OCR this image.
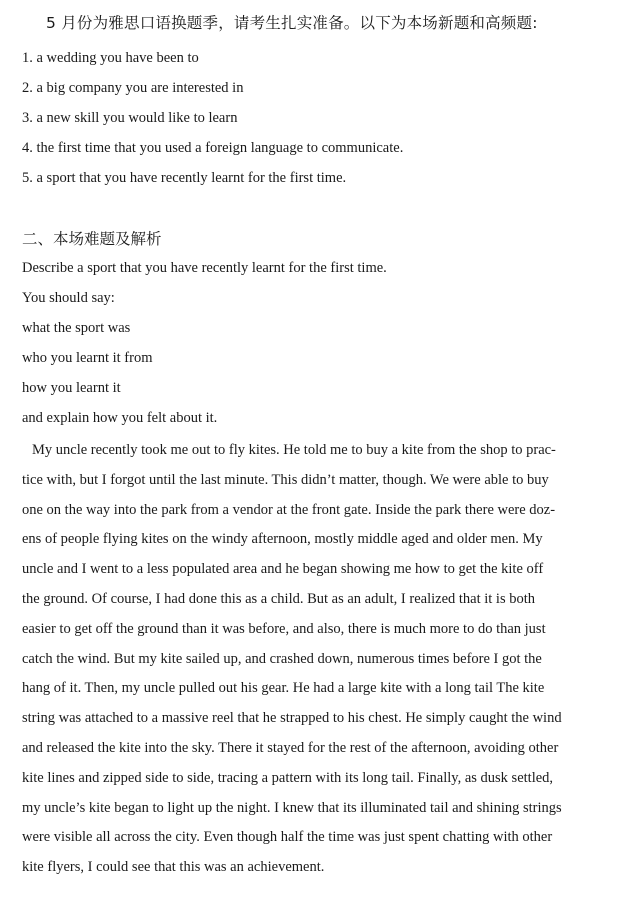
5 月份为雅思口语换题季，请考生扎实准备。以下为本场新题和高频题:
1. a wedding you have been to
2. a big company you are interested in
3. a new skill you would like to learn
4. the first time that you used a foreign language to communicate.
5. a sport that you have recently learnt for the first time.
二、本场难题及解析
Describe a sport that you have recently learnt for the first time.
You should say:
what the sport was
who you learnt it from
how you learnt it
and explain how you felt about it.
My uncle recently took me out to fly kites. He told me to buy a kite from the shop to prac-
tice with, but I forgot until the last minute. This didn’t matter, though. We were able to buy
one on the way into the park from a vendor at the front gate. Inside the park there were doz-
ens of people flying kites on the windy afternoon, mostly middle aged and older men. My
uncle and I went to a less populated area and he began showing me how to get the kite off
the ground. Of course, I had done this as a child. But as an adult, I realized that it is both
easier to get off the ground than it was before, and also, there is much more to do than just
catch the wind. But my kite sailed up, and crashed down, numerous times before I got the
hang of it. Then, my uncle pulled out his gear. He had a large kite with a long tail The kite
string was attached to a massive reel that he strapped to his chest. He simply caught the wind
and released the kite into the sky. There it stayed for the rest of the afternoon, avoiding other
kite lines and zipped side to side, tracing a pattern with its long tail. Finally, as dusk settled,
my uncle’s kite began to light up the night. I knew that its illuminated tail and shining strings
were visible all across the city. Even though half the time was just spent chatting with other
kite flyers, I could see that this was an achievement.
